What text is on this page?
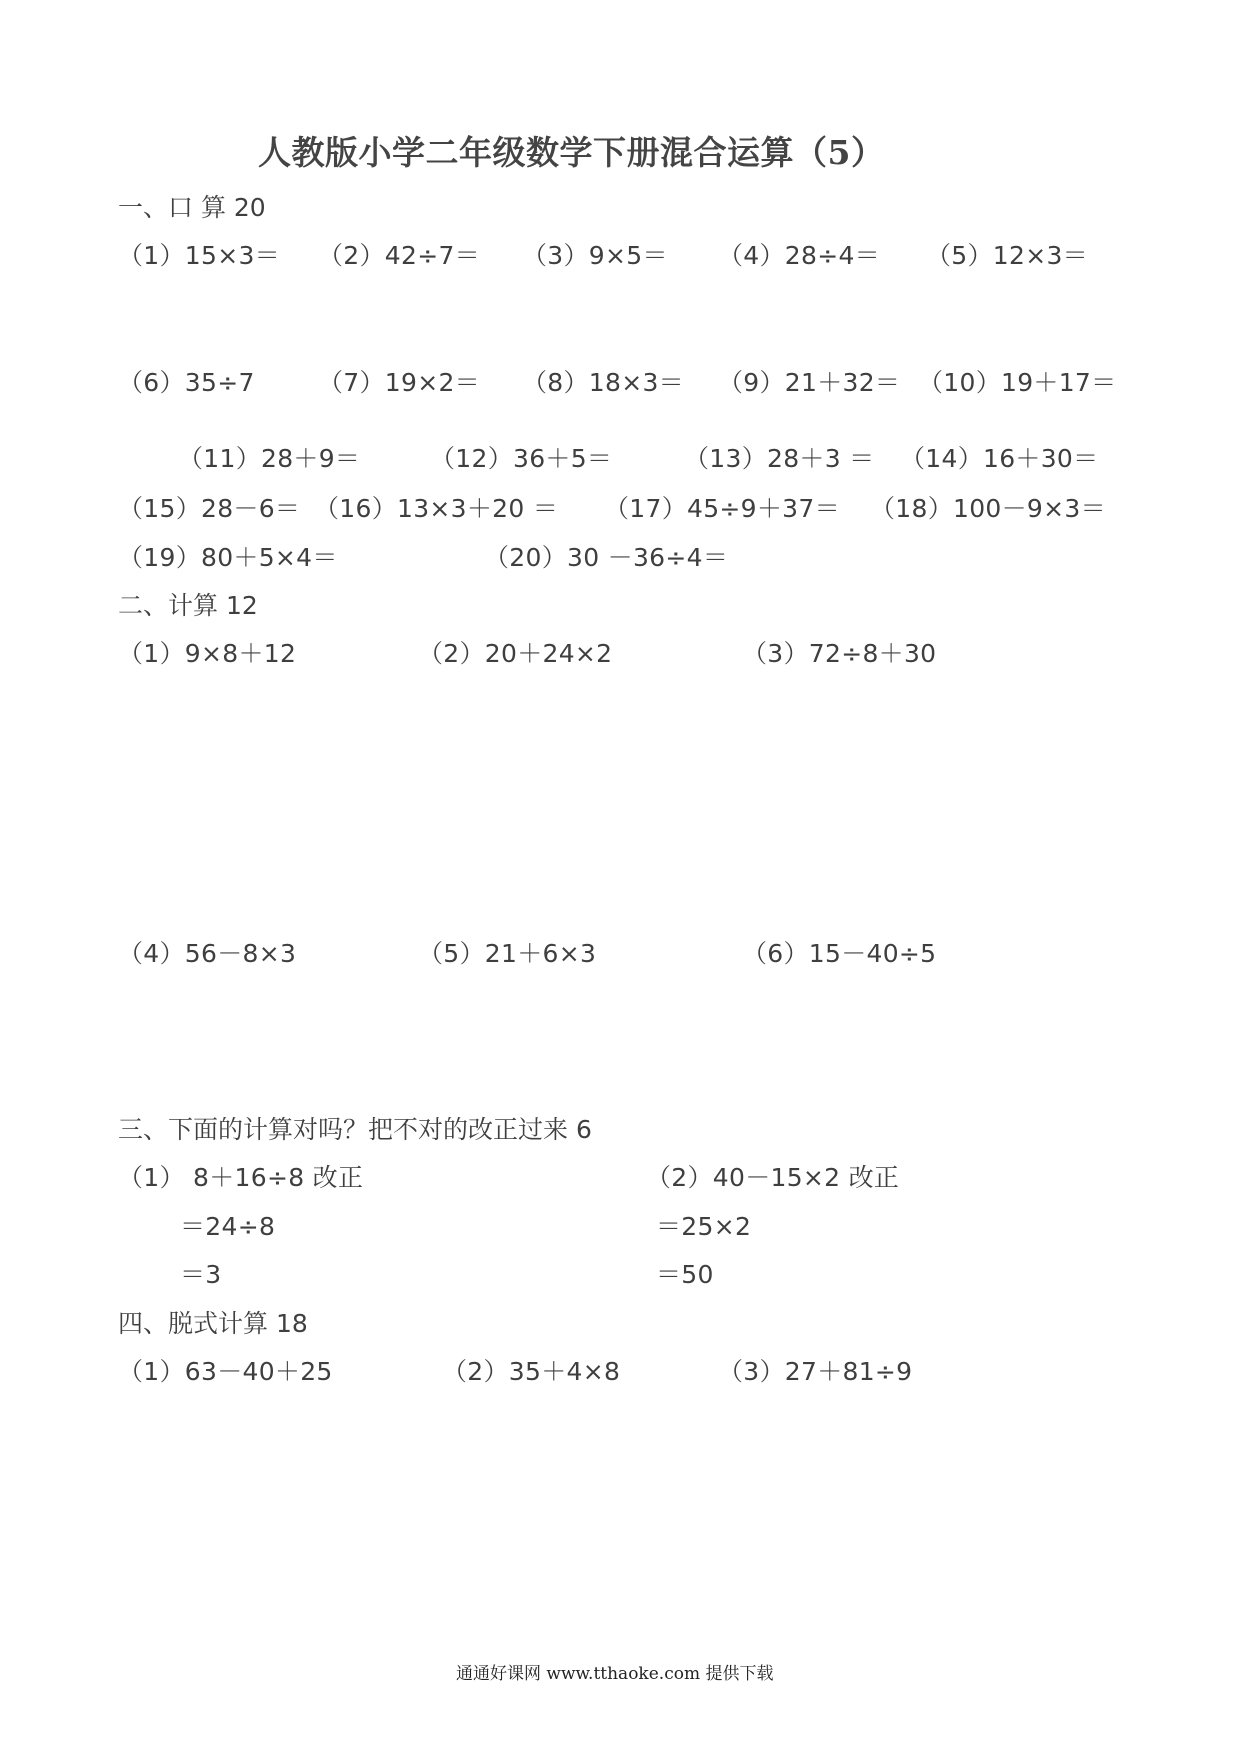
人教版小学二年级数学下册混合运算（5）
一、口 算 20
（1）15×3＝ （2）42÷7＝ （3）9×5＝ （4）28÷4＝ （5）12×3＝
（6）35÷7	（7）19×2＝ （8）18×3＝ （9）21＋32＝ （10）19＋17＝
（11）28＋9＝	（12）36＋5＝	（13）28＋3 ＝ （14）16＋30＝
（15）28－6＝ （16）13×3＋20 ＝ （17）45÷9＋37＝ （18）100－9×3＝
（19）80＋5×4＝	（20）30 －36÷4＝
二、计算 12
（1）9×8＋12	（2）20＋24×2	（3）72÷8＋30
（4）56－8×3	（5）21＋6×3	（6）15－40÷5
三、下面的计算对吗？把不对的改正过来 6
（1） 8＋16÷8 改正
＝24÷8
＝3
（2）40－15×2 改正
＝25×2
＝50
四、脱式计算 18
（1）63－40＋25	（2）35＋4×8	（3）27＋81÷9
通通好课网 www.tthaoke.com 提供下载
